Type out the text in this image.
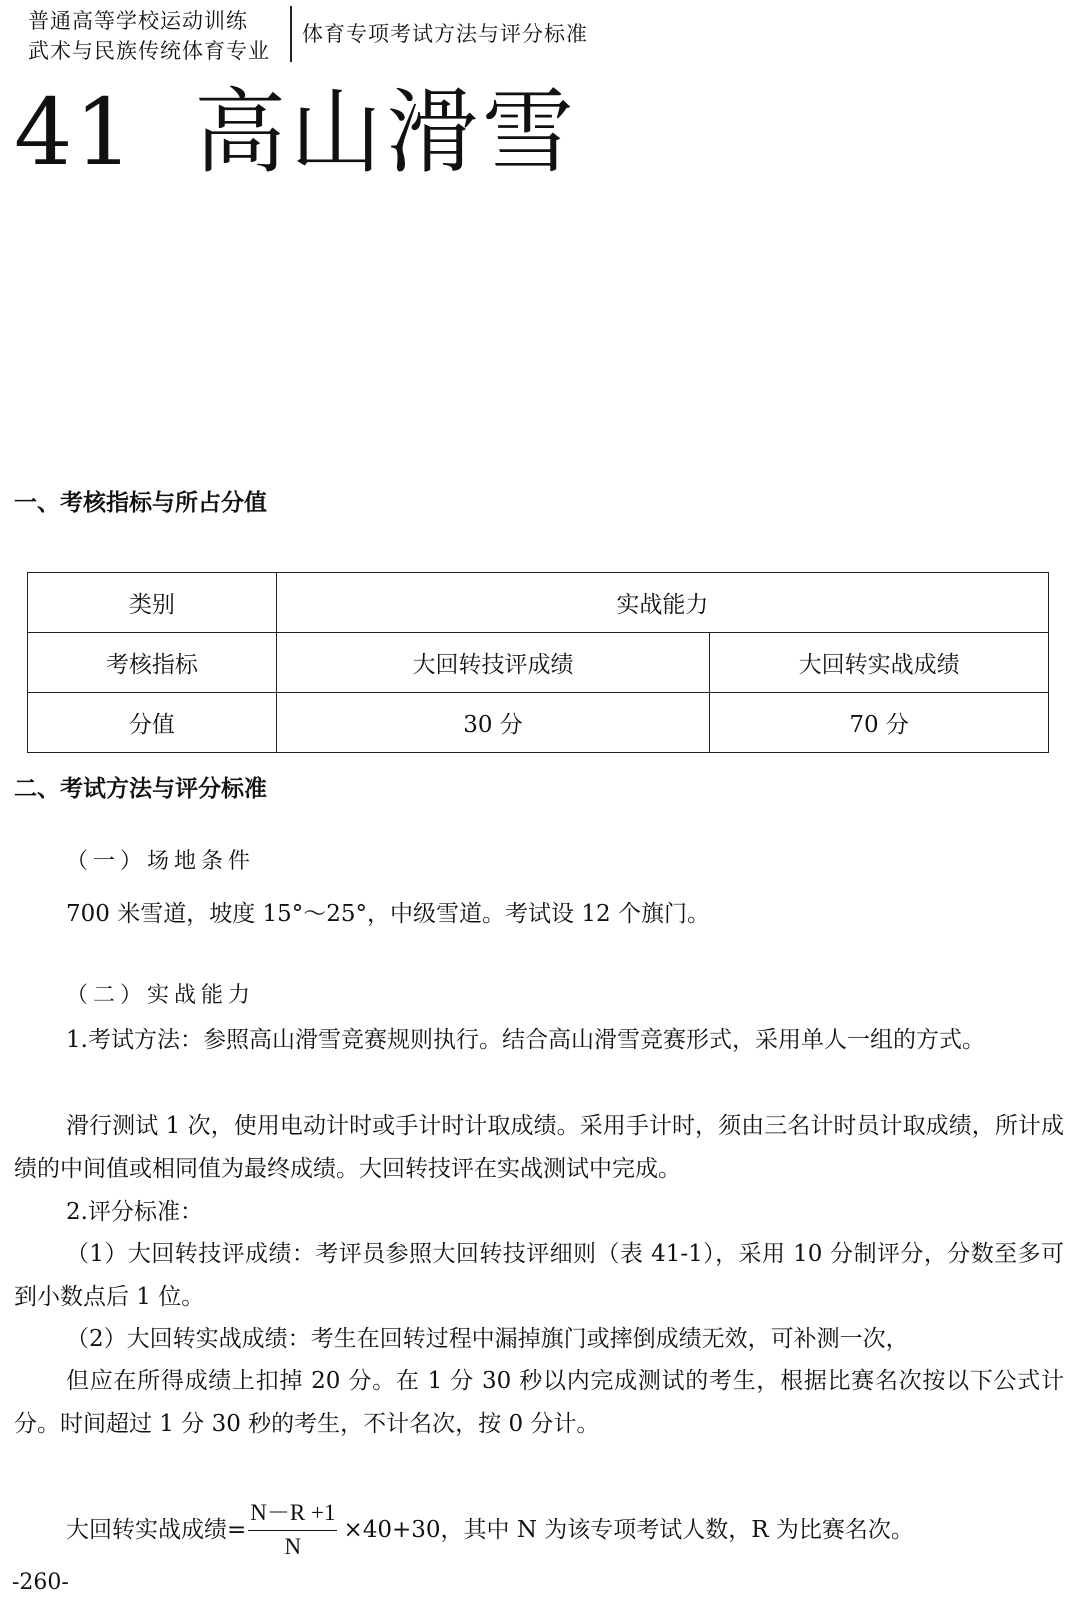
普通高等学校运动训练
武术与民族传统体育专业
体育专项考试方法与评分标准
41 高山滑雪
一、考核指标与所占分值
类别	实战能力	
考核指标	大回转技评成绩	大回转实战成绩
分值	30 分	70 分
二、考试方法与评分标准
（一）场地条件
700 米雪道，坡度 15°～25°，中级雪道。考试设 12 个旗门。
（二）实战能力
1.考试方法：参照高山滑雪竞赛规则执行。结合高山滑雪竞赛形式，采用单人一组的方式。
滑行测试 1 次，使用电动计时或手计时计取成绩。采用手计时，须由三名计时员计取成绩，所计成绩的中间值或相同值为最终成绩。大回转技评在实战测试中完成。
2.评分标准：
（1）大回转技评成绩：考评员参照大回转技评细则（表 41-1），采用 10 分制评分，分数至多可到小数点后 1 位。
（2）大回转实战成绩：考生在回转过程中漏掉旗门或摔倒成绩无效，可补测一次，
但应在所得成绩上扣掉 20 分。在 1 分 30 秒以内完成测试的考生，根据比赛名次按以下公式计分。时间超过 1 分 30 秒的考生，不计名次，按 0 分计。
大回转实战成绩= $\frac{N-R +1}{N} \times 40+30$，其中 N 为该专项考试人数，R 为比赛名次。
-260-
